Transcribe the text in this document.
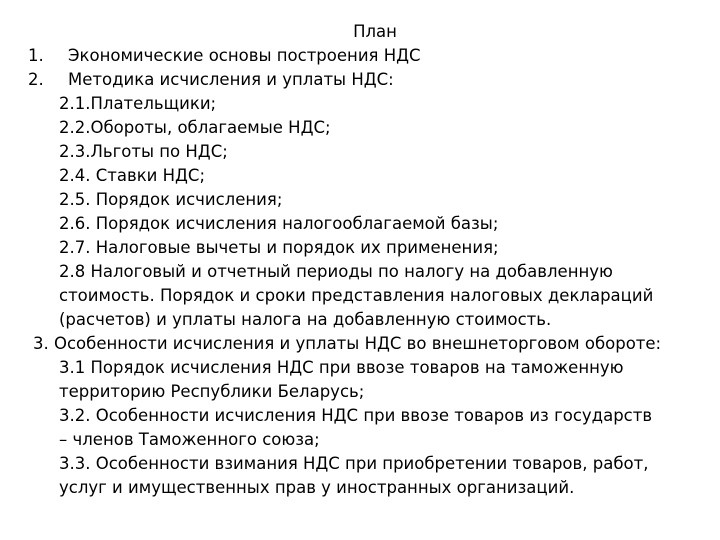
План
1. Экономические основы построения НДС
2. Методика исчисления и уплаты НДС:
2.1.Плательщики;
2.2.Обороты, облагаемые НДС;
2.3.Льготы по НДС;
2.4. Ставки НДС;
2.5. Порядок исчисления;
2.6. Порядок исчисления налогооблагаемой базы;
2.7. Налоговые вычеты и порядок их применения;
2.8 Налоговый и отчетный периоды по налогу на добавленную стоимость. Порядок и сроки представления налоговых деклараций (расчетов) и уплаты налога на добавленную стоимость.
3. Особенности исчисления и уплаты НДС во внешнеторговом обороте:
3.1 Порядок исчисления НДС при ввозе товаров на таможенную территорию Республики Беларусь;
3.2. Особенности исчисления НДС при ввозе товаров из государств – членов Таможенного союза;
3.3. Особенности взимания НДС при приобретении товаров, работ, услуг и имущественных прав у иностранных организаций.
